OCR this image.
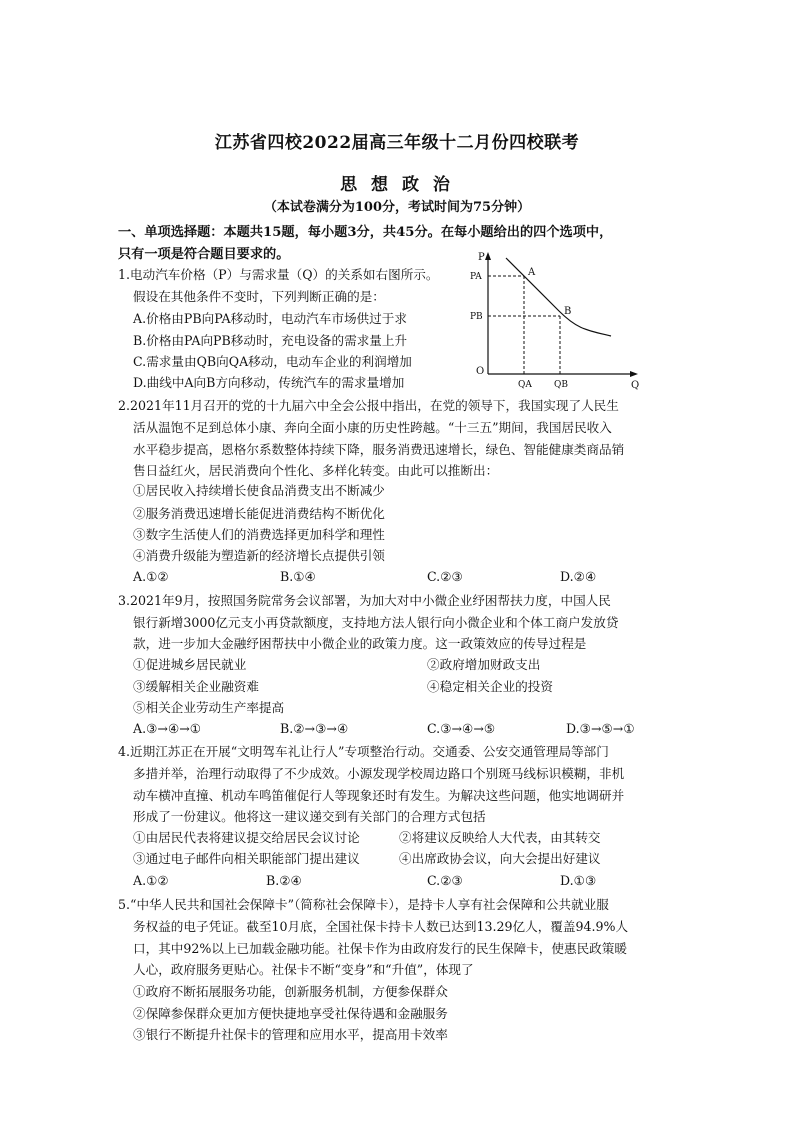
江苏省四校2022届高三年级十二月份四校联考
思 想 政 治
（本试卷满分为100分，考试时间为75分钟）
一、单项选择题：本题共15题，每小题3分，共45分。在每小题给出的四个选项中，
只有一项是符合题目要求的。
1.电动汽车价格（P）与需求量（Q）的关系如右图所示。
假设在其他条件不变时，下列判断正确的是：
A.价格由PB向PA移动时，电动汽车市场供过于求
B.价格由PA向PB移动时，充电设备的需求量上升
C.需求量由QB向QA移动，电动车企业的利润增加
D.曲线中A向B方向移动，传统汽车的需求量增加
P
PA
PB
A
B
O
QA QB	Q
2.2021年11月召开的党的十九届六中全会公报中指出，在党的领导下，我国实现了人民生
活从温饱不足到总体小康、奔向全面小康的历史性跨越。“十三五”期间，我国居民收入
水平稳步提高，恩格尔系数整体持续下降，服务消费迅速增长，绿色、智能健康类商品销
售日益红火，居民消费向个性化、多样化转变。由此可以推断出：
①居民收入持续增长使食品消费支出不断减少
②服务消费迅速增长能促进消费结构不断优化
③数字生活使人们的消费选择更加科学和理性
④消费升级能为塑造新的经济增长点提供引领
A.①②	B.①④	C.②③	D.②④
3.2021年9月，按照国务院常务会议部署，为加大对中小微企业纾困帮扶力度，中国人民
银行新增3000亿元支小再贷款额度，支持地方法人银行向小微企业和个体工商户发放贷
款，进一步加大金融纾困帮扶中小微企业的政策力度。这一政策效应的传导过程是
①促进城乡居民就业	②政府增加财政支出
③缓解相关企业融资难	④稳定相关企业的投资
⑤相关企业劳动生产率提高
A.③→④→①	B.②→③→④	C.③→④→⑤	D.③→⑤→①
4.近期江苏正在开展“文明驾车礼让行人”专项整治行动。交通委、公安交通管理局等部门
多措并举，治理行动取得了不少成效。小源发现学校周边路口个别斑马线标识模糊，非机
动车横冲直撞、机动车鸣笛催促行人等现象还时有发生。为解决这些问题，他实地调研并
形成了一份建议。他将这一建议递交到有关部门的合理方式包括
①由居民代表将建议提交给居民会议讨论	②将建议反映给人大代表，由其转交
③通过电子邮件向相关职能部门提出建议	④出席政协会议，向大会提出好建议
A.①②	B.②④	C.②③	D.①③
5.“中华人民共和国社会保障卡”（简称社会保障卡），是持卡人享有社会保障和公共就业服
务权益的电子凭证。截至10月底，全国社保卡持卡人数已达到13.29亿人，覆盖94.9%人
口，其中92%以上已加载金融功能。社保卡作为由政府发行的民生保障卡，使惠民政策暖
人心，政府服务更贴心。社保卡不断“变身”和“升值”，体现了
①政府不断拓展服务功能，创新服务机制，方便参保群众
②保障参保群众更加方便快捷地享受社保待遇和金融服务
③银行不断提升社保卡的管理和应用水平，提高用卡效率
